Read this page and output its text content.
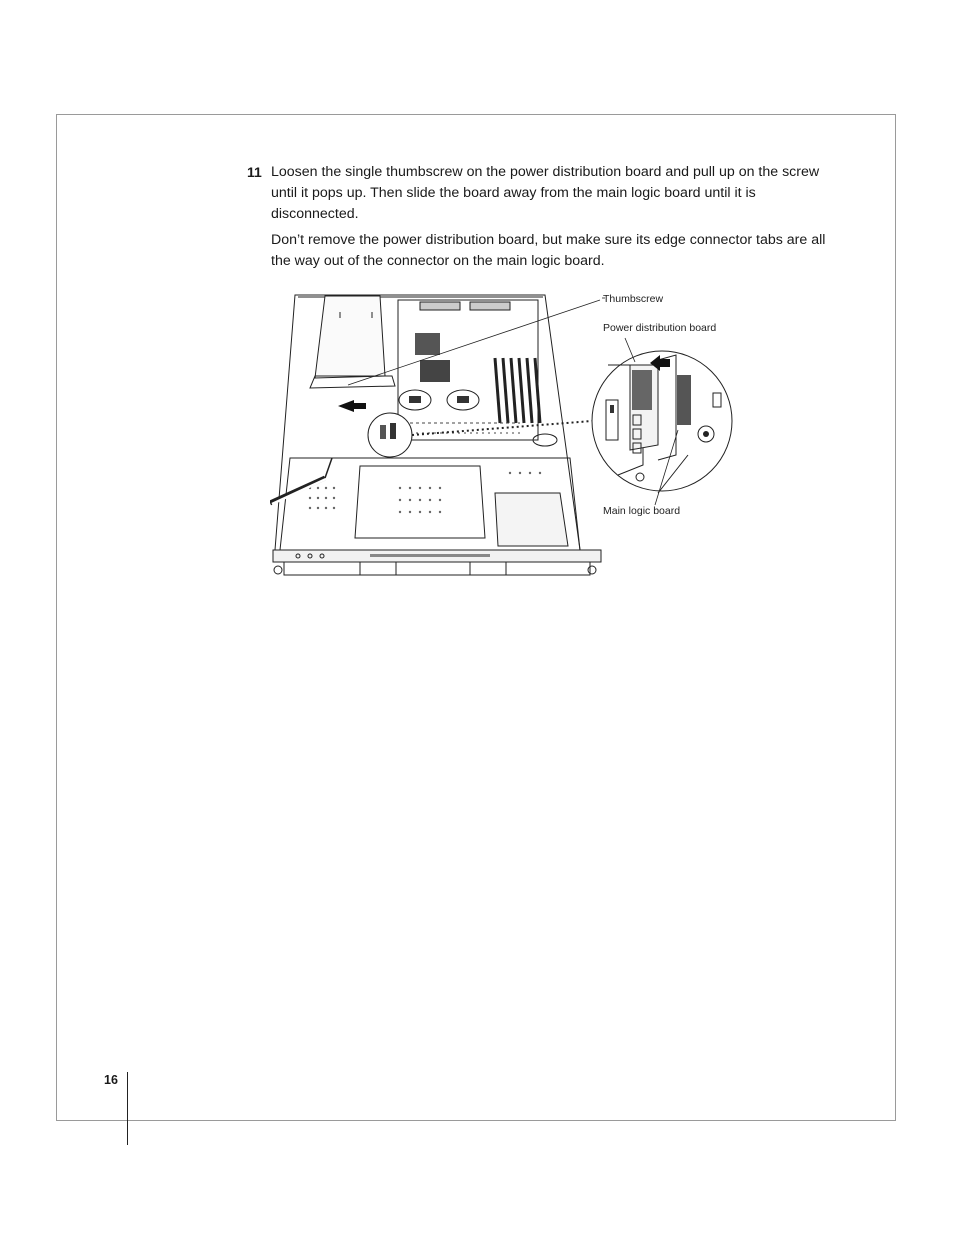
11 Loosen the single thumbscrew on the power distribution board and pull up on the screw until it pops up. Then slide the board away from the main logic board until it is disconnected.

Don’t remove the power distribution board, but make sure its edge connector tabs are all the way out of the connector on the main logic board.

Thumbscrew
Power distribution board
Main logic board
16
